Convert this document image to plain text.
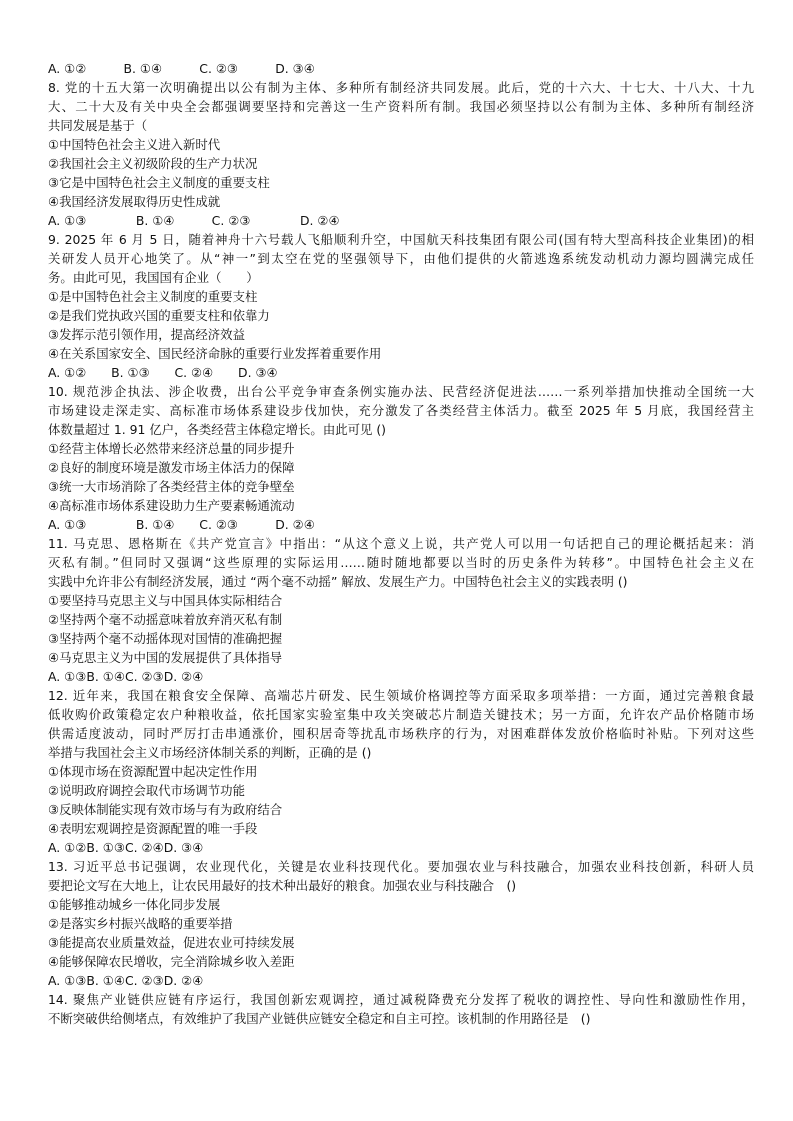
A. ①②　　　B. ①④　　　C. ②③　　　D. ③④
8. 党的十五大第一次明确提出以公有制为主体、多种所有制经济共同发展。此后，党的十六大、十七大、十八大、十九
大、二十大及有关中央全会都强调要坚持和完善这一生产资料所有制。我国必须坚持以公有制为主体、多种所有制经济
共同发展是基于（
①中国特色社会主义进入新时代
②我国社会主义初级阶段的生产力状况
③它是中国特色社会主义制度的重要支柱
④我国经济发展取得历史性成就
A. ①③　　　　B. ①④　　　C. ②③　　　　D. ②④
9. 2025 年 6 月 5 日，随着神舟十六号载人飞船顺利升空，中国航天科技集团有限公司(国有特大型高科技企业集团)的相
关研发人员开心地笑了。从“神一”到太空在党的坚强领导下，由他们提供的火箭逃逸系统发动机动力源均圆满完成任
务。由此可见，我国国有企业（　　）
①是中国特色社会主义制度的重要支柱
②是我们党执政兴国的重要支柱和依靠力
③发挥示范引领作用，提高经济效益
④在关系国家安全、国民经济命脉的重要行业发挥着重要作用
A. ①②　　B. ①③　　C. ②④　　D. ③④
10. 规范涉企执法、涉企收费，出台公平竞争审查条例实施办法、民营经济促进法……一系列举措加快推动全国统一大
市场建设走深走实、高标准市场体系建设步伐加快，充分激发了各类经营主体活力。截至 2025 年 5 月底，我国经营主
体数量超过 1. 91 亿户，各类经营主体稳定增长。由此可见 ()
①经营主体增长必然带来经济总量的同步提升
②良好的制度环境是激发市场主体活力的保障
③统一大市场消除了各类经营主体的竞争壁垒
④高标准市场体系建设助力生产要素畅通流动
A. ①③　　　　B. ①④　　C. ②③　　　D. ②④
11. 马克思、恩格斯在《共产党宣言》中指出：“从这个意义上说，共产党人可以用一句话把自己的理论概括起来：消
灭私有制。”但同时又强调“这些原理的实际运用……随时随地都要以当时的历史条件为转移”。中国特色社会主义在
实践中允许非公有制经济发展，通过 “两个毫不动摇” 解放、发展生产力。中国特色社会主义的实践表明 ()
①要坚持马克思主义与中国具体实际相结合
②坚持两个毫不动摇意味着放弃消灭私有制
③坚持两个毫不动摇体现对国情的准确把握
④马克思主义为中国的发展提供了具体指导
A. ①③B. ①④C. ②③D. ②④
12. 近年来，我国在粮食安全保障、高端芯片研发、民生领域价格调控等方面采取多项举措：一方面，通过完善粮食最
低收购价政策稳定农户种粮收益，依托国家实验室集中攻关突破芯片制造关键技术；另一方面，允许农产品价格随市场
供需适度波动，同时严厉打击串通涨价，囤积居奇等扰乱市场秩序的行为，对困难群体发放价格临时补贴。下列对这些
举措与我国社会主义市场经济体制关系的判断，正确的是 ()
①体现市场在资源配置中起决定性作用
②说明政府调控会取代市场调节功能
③反映体制能实现有效市场与有为政府结合
④表明宏观调控是资源配置的唯一手段
A. ①②B. ①③C. ②④D. ③④
13. 习近平总书记强调，农业现代化，关键是农业科技现代化。要加强农业与科技融合，加强农业科技创新，科研人员
要把论文写在大地上，让农民用最好的技术种出最好的粮食。加强农业与科技融合　()
①能够推动城乡一体化同步发展
②是落实乡村振兴战略的重要举措
③能提高农业质量效益，促进农业可持续发展
④能够保障农民增收，完全消除城乡收入差距
A. ①③B. ①④C. ②③D. ②④
14. 聚焦产业链供应链有序运行，我国创新宏观调控，通过减税降费充分发挥了税收的调控性、导向性和激励性作用，
不断突破供给侧堵点，有效维护了我国产业链供应链安全稳定和自主可控。该机制的作用路径是　()
